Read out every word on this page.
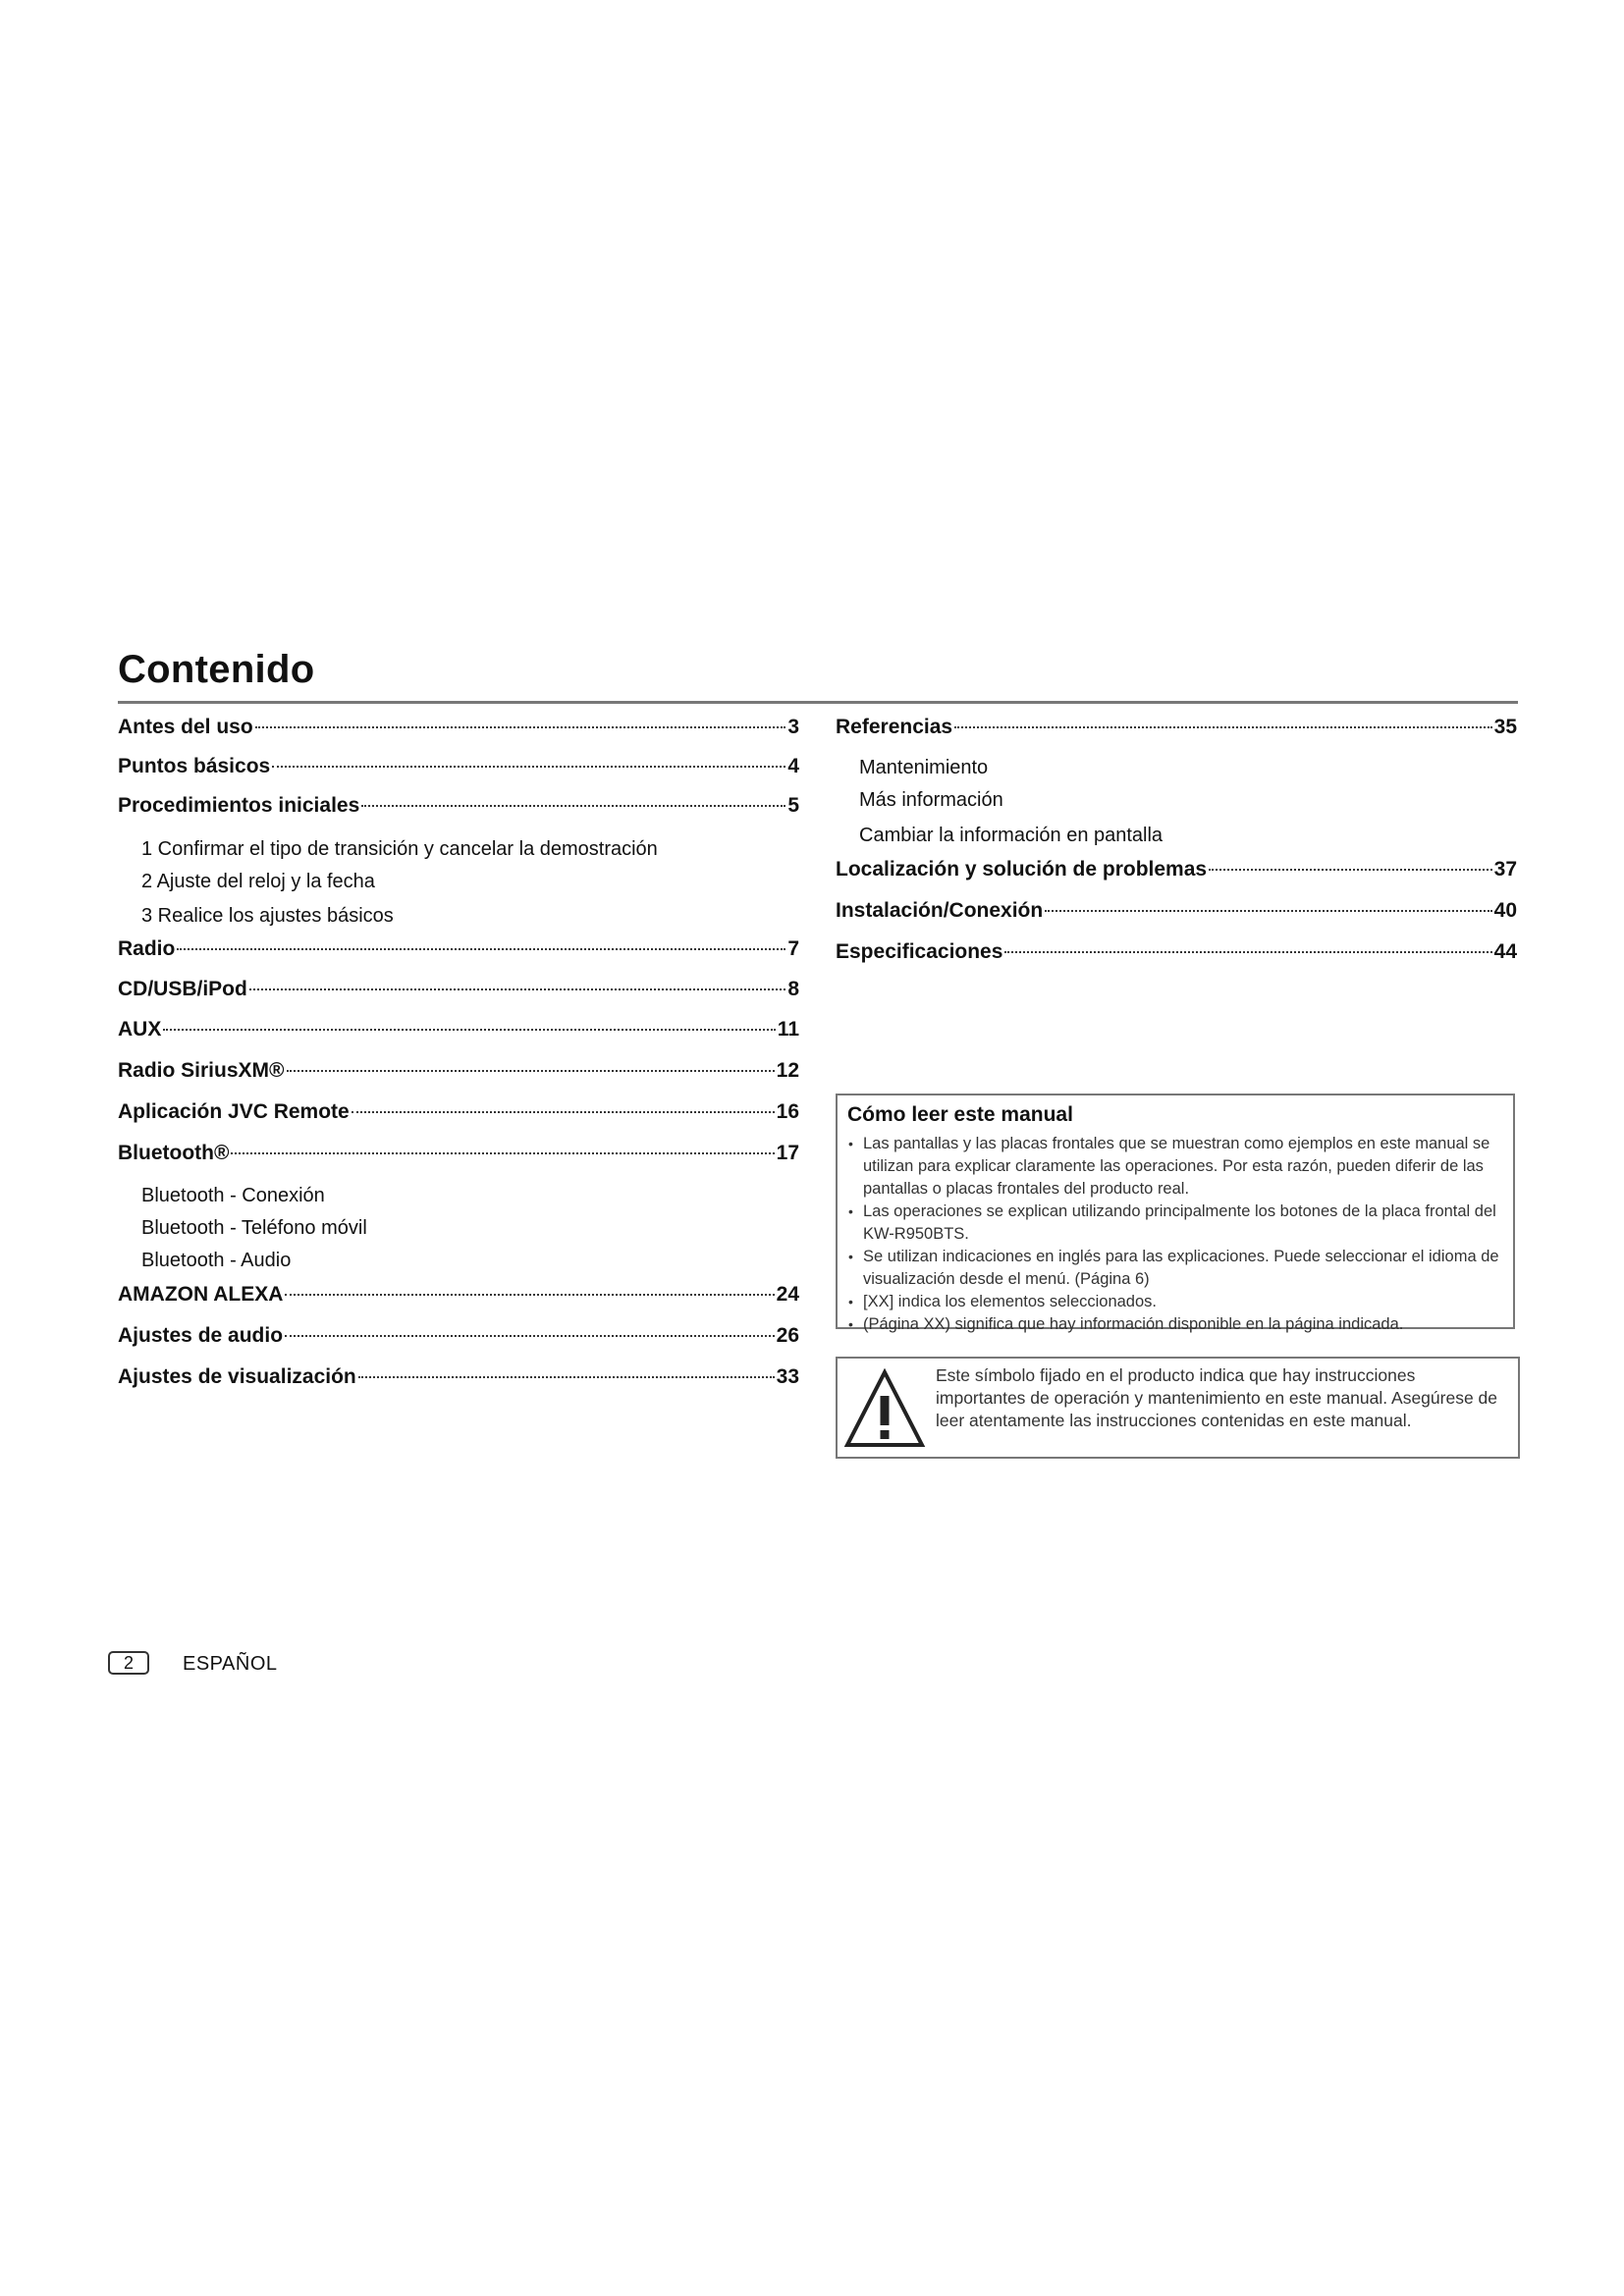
Contenido
Antes del uso	3
Puntos básicos	4
Procedimientos iniciales	5
1 Confirmar el tipo de transición y cancelar la demostración
2 Ajuste del reloj y la fecha
3 Realice los ajustes básicos
Radio	7
CD/USB/iPod	8
AUX	11
Radio SiriusXM®	12
Aplicación JVC Remote	16
Bluetooth®	17
Bluetooth - Conexión
Bluetooth - Teléfono móvil
Bluetooth - Audio
AMAZON ALEXA	24
Ajustes de audio	26
Ajustes de visualización	33
Referencias	35
Mantenimiento
Más información
Cambiar la información en pantalla
Localización y solución de problemas	37
Instalación/Conexión	40
Especificaciones	44
Cómo leer este manual
• Las pantallas y las placas frontales que se muestran como ejemplos en este manual se utilizan para explicar claramente las operaciones. Por esta razón, pueden diferir de las pantallas o placas frontales del producto real.
• Las operaciones se explican utilizando principalmente los botones de la placa frontal del KW-R950BTS.
• Se utilizan indicaciones en inglés para las explicaciones. Puede seleccionar el idioma de visualización desde el menú. (Página 6)
• [XX] indica los elementos seleccionados.
• (Página XX) significa que hay información disponible en la página indicada.
Este símbolo fijado en el producto indica que hay instrucciones importantes de operación y mantenimiento en este manual. Asegúrese de leer atentamente las instrucciones contenidas en este manual.
2	ESPAÑOL
